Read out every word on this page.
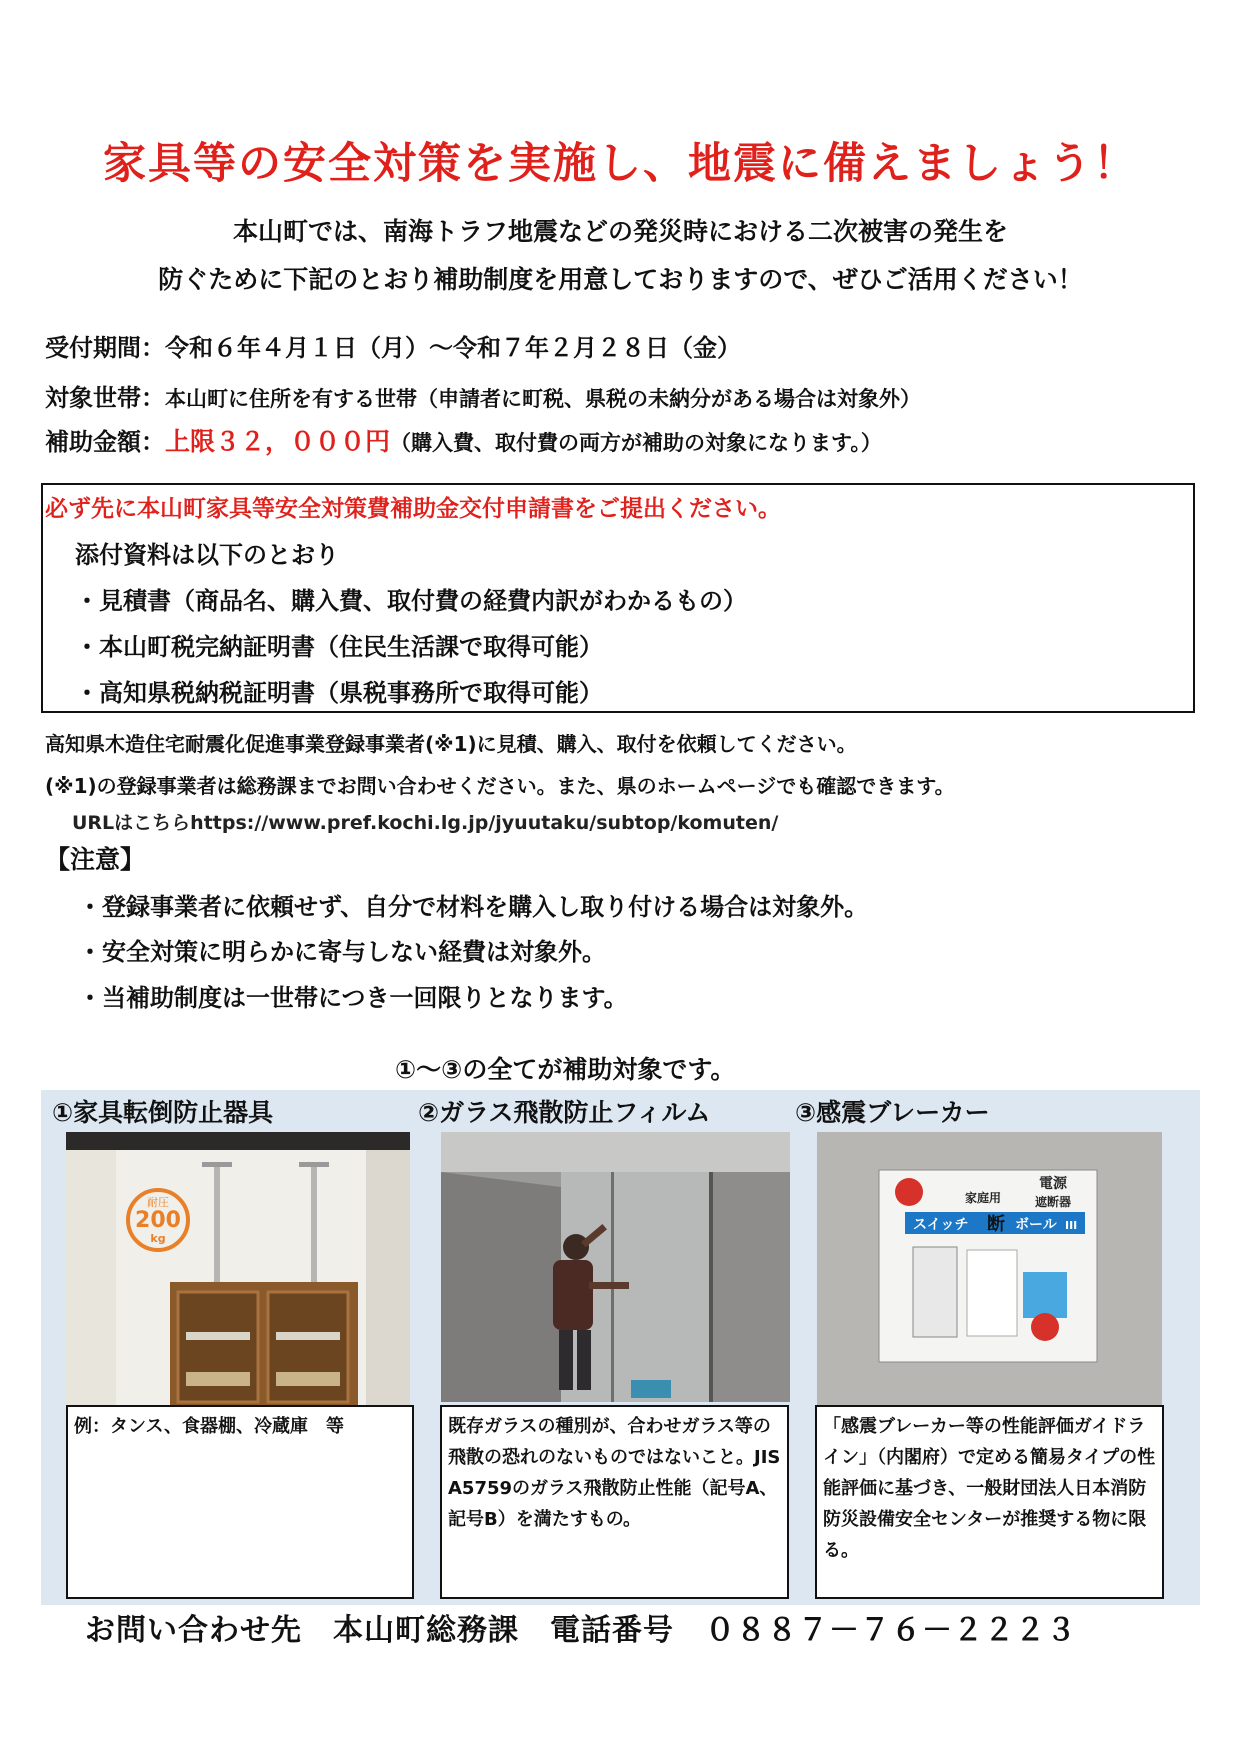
家具等の安全対策を実施し、地震に備えましょう！
本山町では、南海トラフ地震などの発災時における二次被害の発生を
防ぐために下記のとおり補助制度を用意しておりますので、ぜひご活用ください！
受付期間：令和６年４月１日（月）～令和７年２月２８日（金）
対象世帯：本山町に住所を有する世帯（申請者に町税、県税の未納分がある場合は対象外）
補助金額：上限３２，０００円（購入費、取付費の両方が補助の対象になります。）
必ず先に本山町家具等安全対策費補助金交付申請書をご提出ください。
添付資料は以下のとおり
・見積書（商品名、購入費、取付費の経費内訳がわかるもの）
・本山町税完納証明書（住民生活課で取得可能）
・高知県税納税証明書（県税事務所で取得可能）
高知県木造住宅耐震化促進事業登録事業者(※1)に見積、購入、取付を依頼してください。
(※1)の登録事業者は総務課までお問い合わせください。また、県のホームページでも確認できます。
URLはこちらhttps://www.pref.kochi.lg.jp/jyuutaku/subtop/komuten/
【注意】
・登録事業者に依頼せず、自分で材料を購入し取り付ける場合は対象外。
・安全対策に明らかに寄与しない経費は対象外。
・当補助制度は一世帯につき一回限りとなります。
①～③の全てが補助対象です。
①家具転倒防止器具	②ガラス飛散防止フィルム	③感震ブレーカー
耐圧
200
kg
家庭用
電源
遮断器
スイッチ 断 ボール III
例：タンス、食器棚、冷蔵庫　等	既存ガラスの種別が、合わせガラス等の飛散の恐れのないものではないこと。JIS A5759のガラス飛散防止性能（記号A、記号B）を満たすもの。
「感震ブレーカー等の性能評価ガイドライン」（内閣府）で定める簡易タイプの性能評価に基づき、一般財団法人日本消防防災設備安全センターが推奨する物に限る。
お問い合わせ先　本山町総務課　電話番号　０８８７－７６－２２２３
